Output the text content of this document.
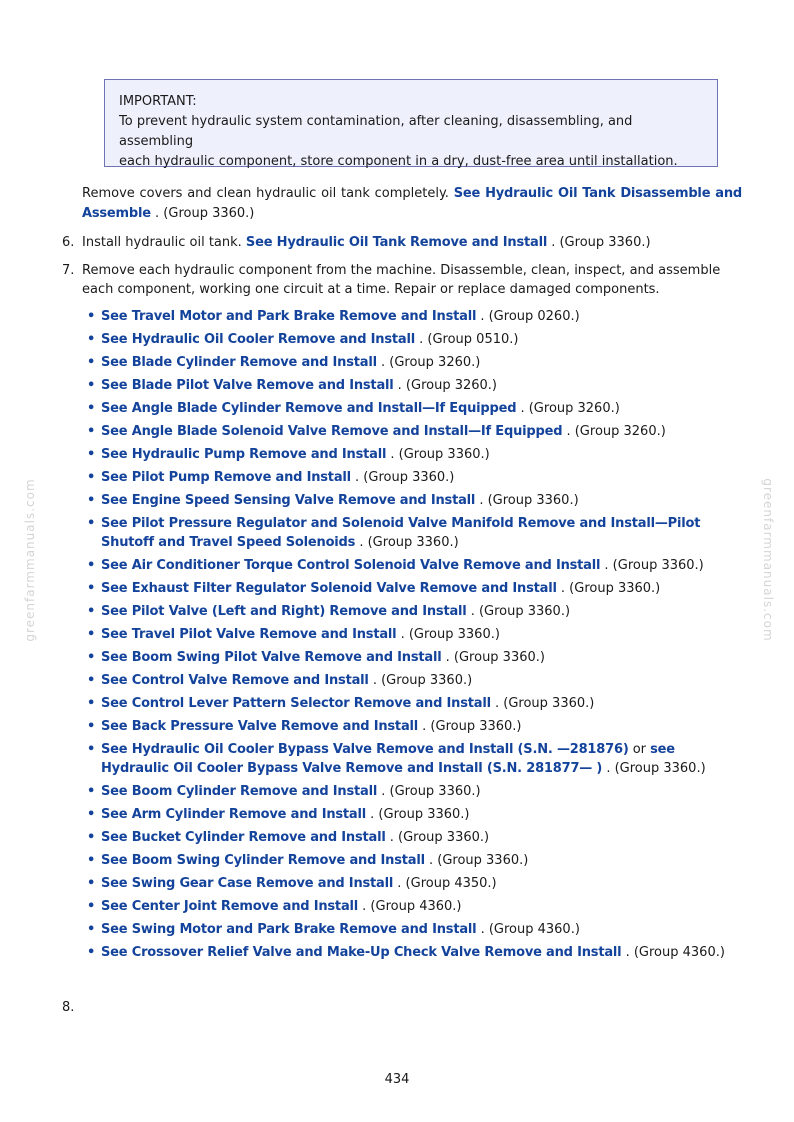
greenfarmmanuals.com	greenfarmmanuals.com
IMPORTANT:
To prevent hydraulic system contamination, after cleaning, disassembling, and assembling
each hydraulic component, store component in a dry, dust-free area until installation.
Remove covers and clean hydraulic oil tank completely. See Hydraulic Oil Tank Disassemble and Assemble . (Group 3360.)
6. Install hydraulic oil tank. See Hydraulic Oil Tank Remove and Install . (Group 3360.)
7. Remove each hydraulic component from the machine. Disassemble, clean, inspect, and assemble each component, working one circuit at a time. Repair or replace damaged components.
• See Travel Motor and Park Brake Remove and Install . (Group 0260.)
• See Hydraulic Oil Cooler Remove and Install . (Group 0510.)
• See Blade Cylinder Remove and Install . (Group 3260.)
• See Blade Pilot Valve Remove and Install . (Group 3260.)
• See Angle Blade Cylinder Remove and Install—If Equipped . (Group 3260.)
• See Angle Blade Solenoid Valve Remove and Install—If Equipped . (Group 3260.)
• See Hydraulic Pump Remove and Install . (Group 3360.)
• See Pilot Pump Remove and Install . (Group 3360.)
• See Engine Speed Sensing Valve Remove and Install . (Group 3360.)
• See Pilot Pressure Regulator and Solenoid Valve Manifold Remove and Install—Pilot Shutoff and Travel Speed Solenoids . (Group 3360.)
• See Air Conditioner Torque Control Solenoid Valve Remove and Install . (Group 3360.)
• See Exhaust Filter Regulator Solenoid Valve Remove and Install . (Group 3360.)
• See Pilot Valve (Left and Right) Remove and Install . (Group 3360.)
• See Travel Pilot Valve Remove and Install . (Group 3360.)
• See Boom Swing Pilot Valve Remove and Install . (Group 3360.)
• See Control Valve Remove and Install . (Group 3360.)
• See Control Lever Pattern Selector Remove and Install . (Group 3360.)
• See Back Pressure Valve Remove and Install . (Group 3360.)
• See Hydraulic Oil Cooler Bypass Valve Remove and Install (S.N. —281876) or see Hydraulic Oil Cooler Bypass Valve Remove and Install (S.N. 281877— ) . (Group 3360.)
• See Boom Cylinder Remove and Install . (Group 3360.)
• See Arm Cylinder Remove and Install . (Group 3360.)
• See Bucket Cylinder Remove and Install . (Group 3360.)
• See Boom Swing Cylinder Remove and Install . (Group 3360.)
• See Swing Gear Case Remove and Install . (Group 4350.)
• See Center Joint Remove and Install . (Group 4360.)
• See Swing Motor and Park Brake Remove and Install . (Group 4360.)
• See Crossover Relief Valve and Make-Up Check Valve Remove and Install . (Group 4360.)
8.
434
